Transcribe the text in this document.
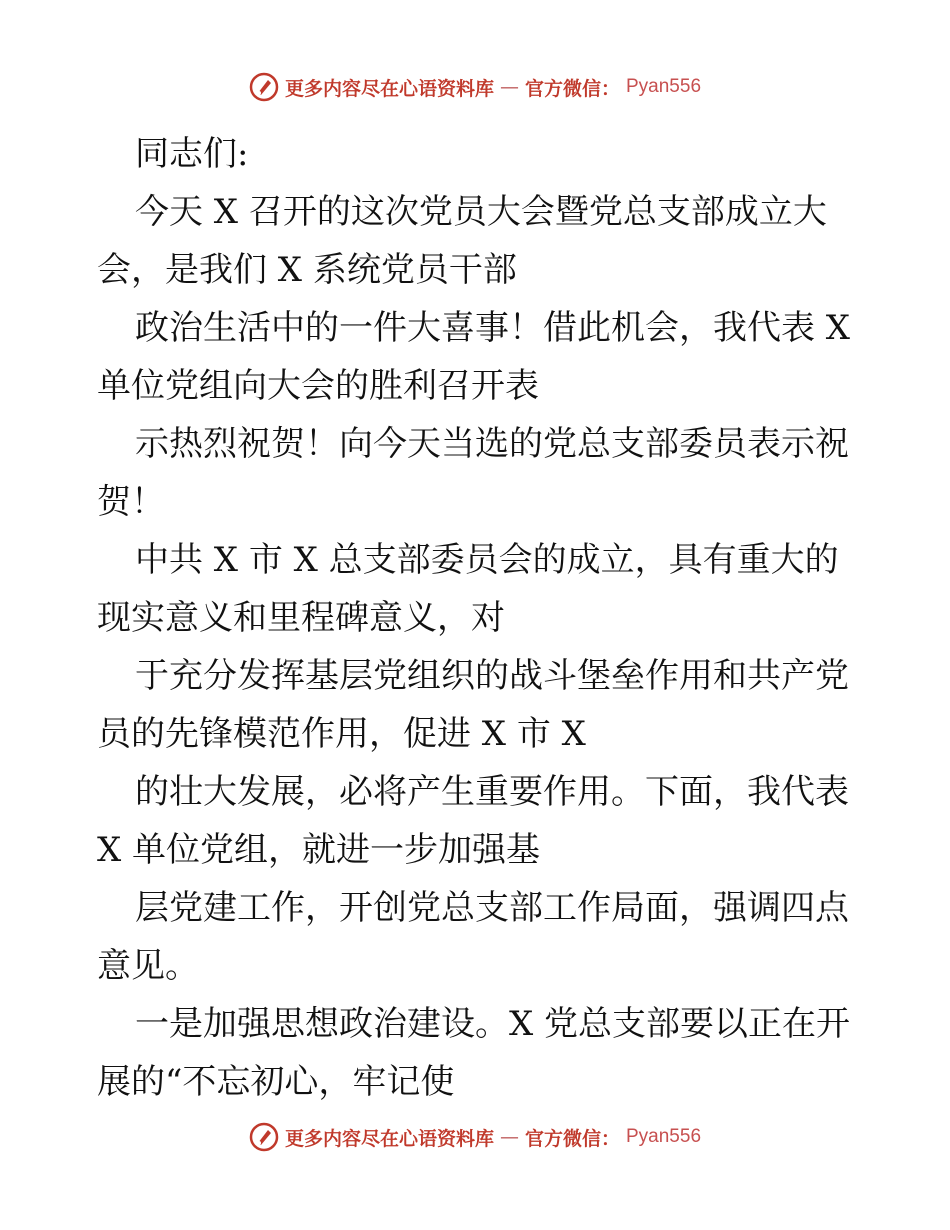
更多内容尽在心语资料库 — 官方微信： Pyan556
同志们:
今天 X 召开的这次党员大会暨党总支部成立大
会，是我们 X 系统党员干部
政治生活中的一件大喜事！借此机会，我代表 X
单位党组向大会的胜利召开表
示热烈祝贺！向今天当选的党总支部委员表示祝
贺！
中共 X 市 X 总支部委员会的成立，具有重大的
现实意义和里程碑意义，对
于充分发挥基层党组织的战斗堡垒作用和共产党
员的先锋模范作用，促进 X 市 X
的壮大发展，必将产生重要作用。下面，我代表
X 单位党组，就进一步加强基
层党建工作，开创党总支部工作局面，强调四点
意见。
一是加强思想政治建设。X 党总支部要以正在开
展的“不忘初心，牢记使
更多内容尽在心语资料库 — 官方微信： Pyan556
